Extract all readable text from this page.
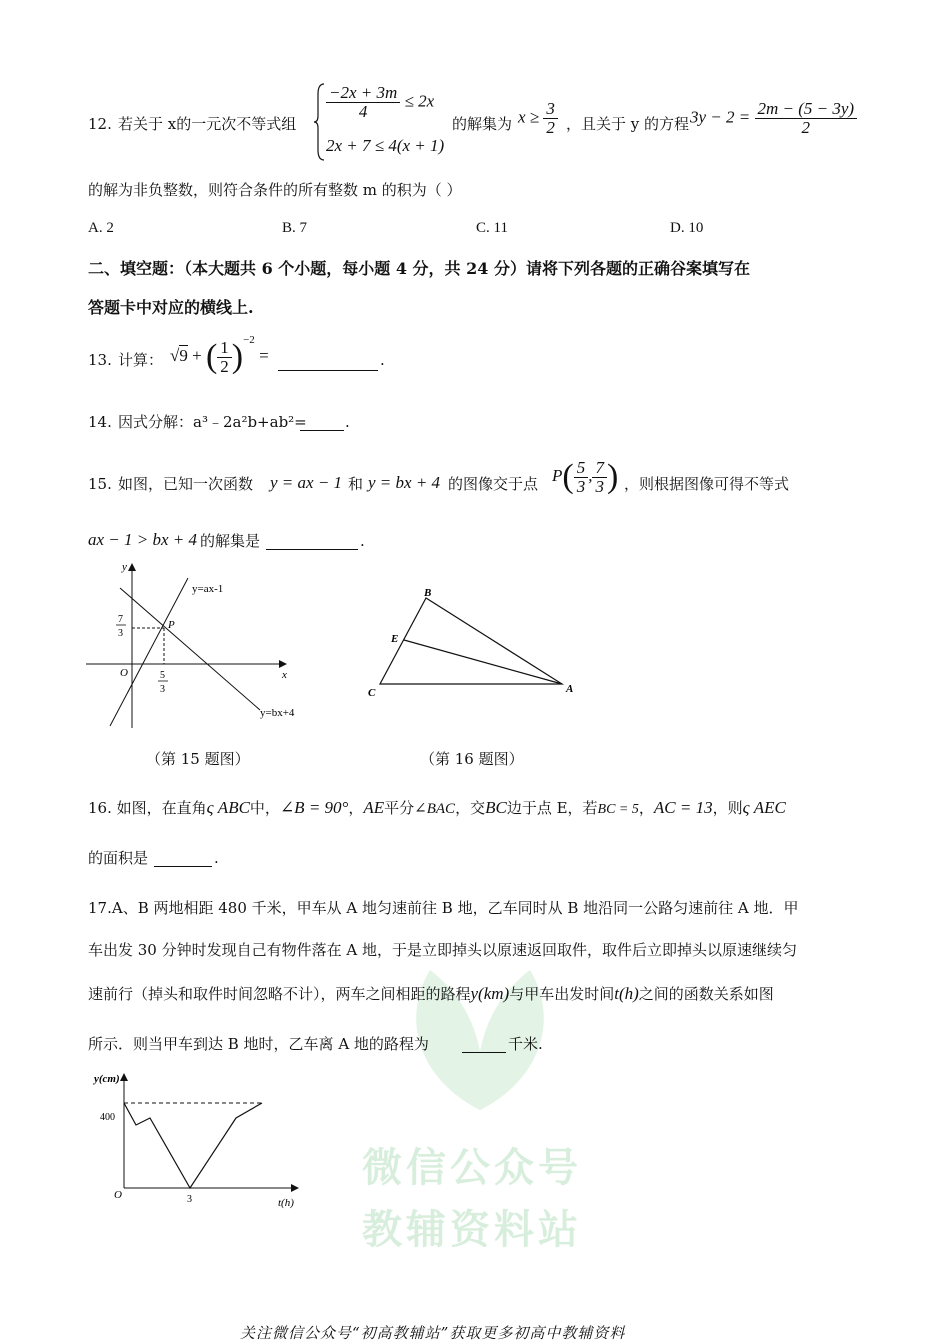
微信公众号
教辅资料站
12. 若关于 x的一元次不等式组
$\frac{-2x + 3m}{4} \le 2x$
2x + 7 ≤ 4(x + 1)
的解集为 $x \ge \frac{3}{2}$ ，且关于 y 的方程 $3y - 2 = \frac{2m - (5 - 3y)}{2}$
的解为非负整数，则符合条件的所有整数 m 的积为（ ）
A. 2	B. 7	C. 11	D. 10
二、填空题：（本大题共 6 个小题，每小题 4 分，共 24 分）请将下列各题的正确谷案填写在
答题卡中对应的横线上.
13. 计算： √9 + ( $\frac{1}{2} )^{-2}$ =	.
14. 因式分解：a³﹣2a²b+ab²=	.
15. 如图，已知一次函数 y = ax − 1 和 y = bx + 4 的图像交于点 $P( \frac{5}{3}$ , $\frac{7}{3}$ ) ，则根据图像可得不等式
ax − 1 > bx + 4 的解集是	.
y
x
O
P
y=ax-1
y=bx+4
7
3
5
3
（第 15 题图）
B
E
C	A
（第 16 题图）
16. 如图，在直角ς ABC中，∠B = 90°，AE平分∠BAC，交BC边于点 E，若BC = 5，AC = 13，则ς AEC
的面积是	.
17.A、B 两地相距 480 千米，甲车从 A 地匀速前往 B 地，乙车同时从 B 地沿同一公路匀速前往 A 地．甲
车出发 30 分钟时发现自己有物件落在 A 地，于是立即掉头以原速返回取件，取件后立即掉头以原速继续匀
速前行（掉头和取件时间忽略不计），两车之间相距的路程y(km)与甲车出发时间t(h)之间的函数关系如图
所示．则当甲车到达 B 地时，乙车离 A 地的路程为	千米.
y(cm)
t(h)
O
400
3
关注微信公众号“初高教辅站”获取更多初高中教辅资料
